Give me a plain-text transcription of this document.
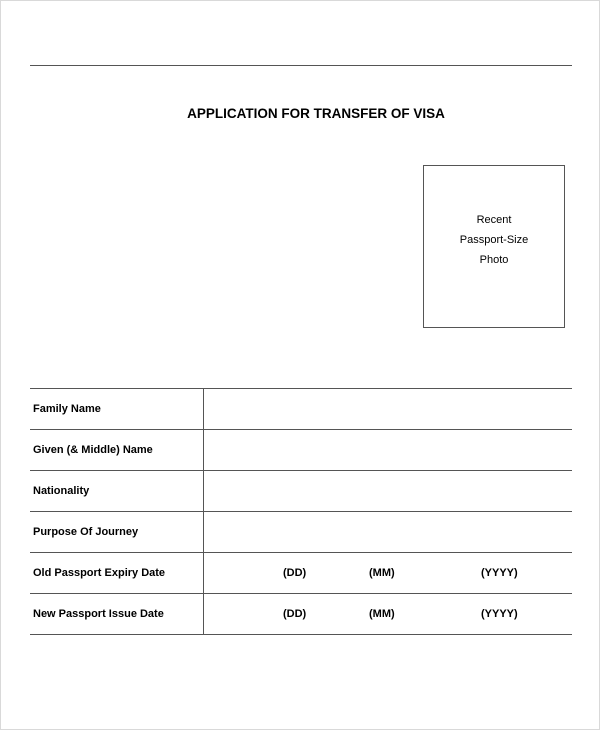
APPLICATION FOR TRANSFER OF VISA
Recent
Passport-Size
Photo
Family Name	
Given (& Middle) Name	
Nationality	
Purpose Of Journey	
Old Passport Expiry Date	(DD) (MM) (YYYY)

New Passport Issue Date	(DD) (MM) (YYYY)
